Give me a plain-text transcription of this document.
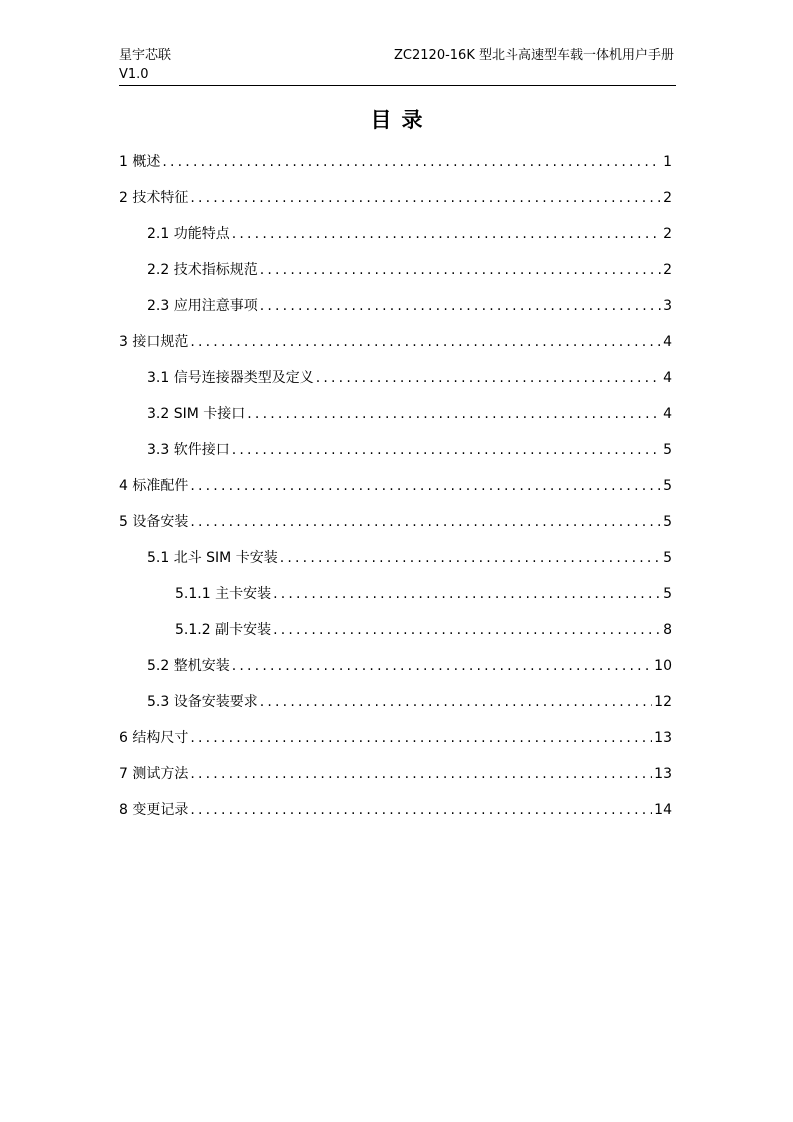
星宇芯联
V1.0
ZC2120-16K 型北斗高速型车载一体机用户手册
目录
1 概述 .....	1
2 技术特征 .....	2
2.1 功能特点 .....	2
2.2 技术指标规范 .....	2
2.3 应用注意事项 .....	3
3 接口规范 .....	4
3.1 信号连接器类型及定义 .....	4
3.2 SIM 卡接口 .....	4
3.3 软件接口 .....	5
4 标准配件 .....	5
5 设备安装 .....	5
5.1 北斗 SIM 卡安装 .....	5
5.1.1 主卡安装 .....	5
5.1.2 副卡安装 .....	8
5.2 整机安装 .....	10
5.3 设备安装要求 .....	12
6 结构尺寸 .....	13
7 测试方法 .....	13
8 变更记录 .....	14
